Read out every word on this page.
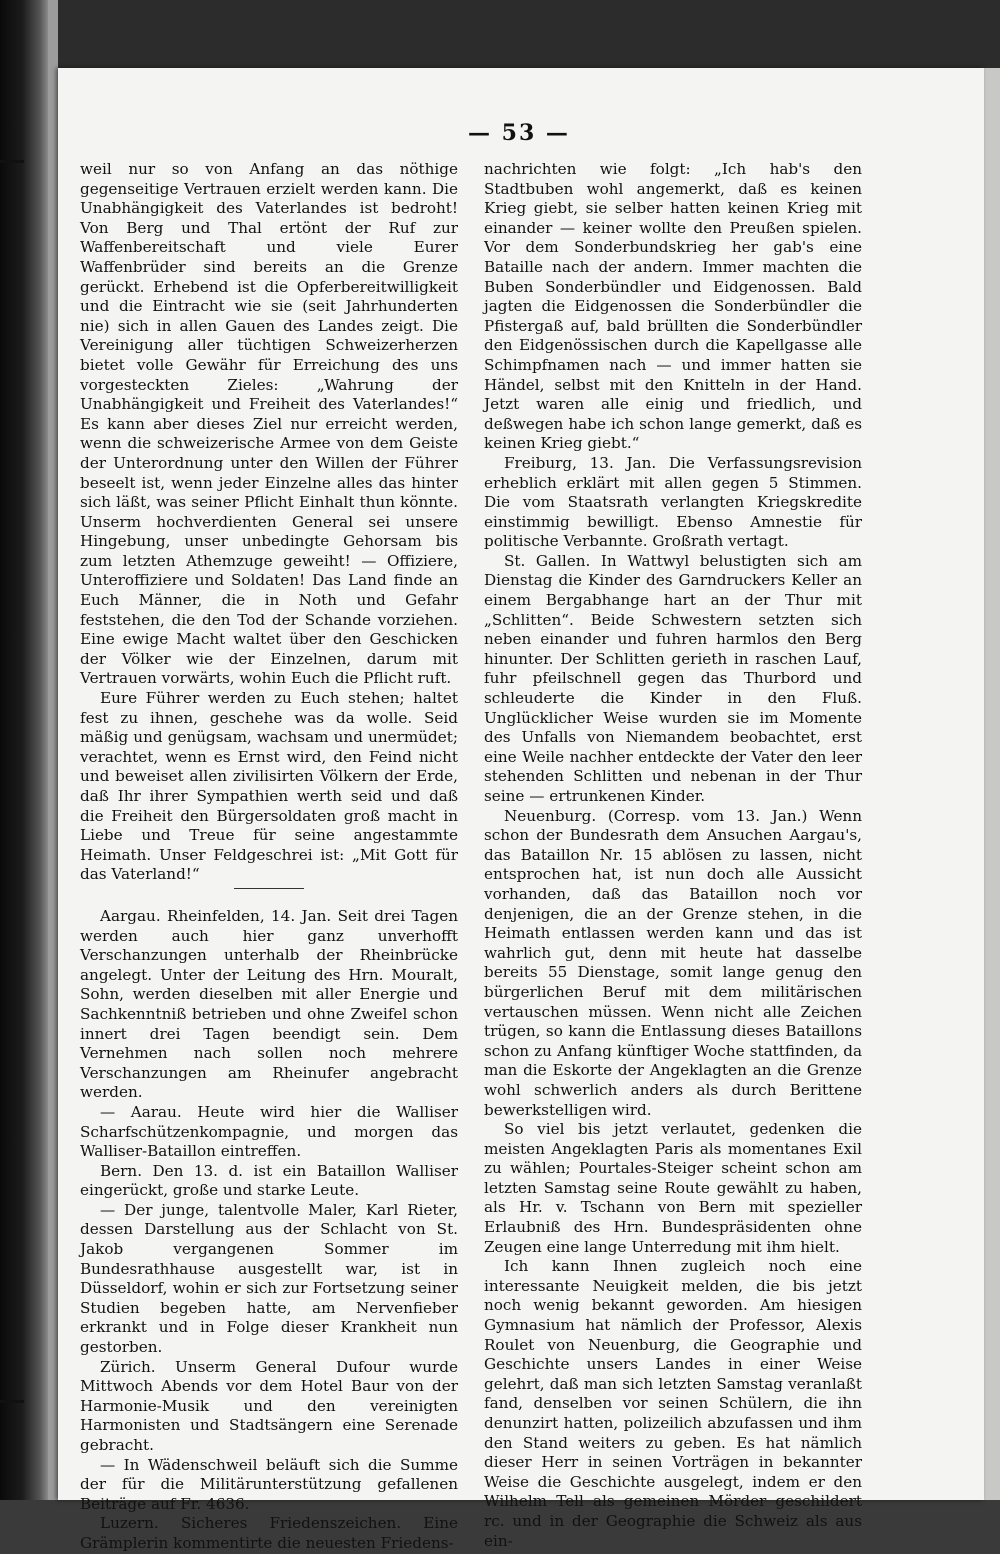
— 53 —

weil nur so von Anfang an das nöthige gegenseitige Vertrauen erzielt werden kann. Die Unabhängigkeit des Vaterlandes ist bedroht! Von Berg und Thal ertönt der Ruf zur Waffenbereitschaft und viele Eurer Waffenbrüder sind bereits an die Grenze gerückt. Erhebend ist die Opferbereitwilligkeit und die Eintracht wie sie (seit Jahrhunderten nie) sich in allen Gauen des Landes zeigt. Die Vereinigung aller tüchtigen Schweizerherzen bietet volle Gewähr für Erreichung des uns vorgesteckten Zieles: „Wahrung der Unabhängigkeit und Freiheit des Vaterlandes!“ Es kann aber dieses Ziel nur erreicht werden, wenn die schweizerische Armee von dem Geiste der Unterordnung unter den Willen der Führer beseelt ist, wenn jeder Einzelne alles das hinter sich läßt, was seiner Pflicht Einhalt thun könnte. Unserm hochverdienten General sei unsere Hingebung, unser unbedingte Gehorsam bis zum letzten Athemzuge geweiht! — Offiziere, Unteroffiziere und Soldaten! Das Land finde an Euch Männer, die in Noth und Gefahr feststehen, die den Tod der Schande vorziehen. Eine ewige Macht waltet über den Geschicken der Völker wie der Einzelnen, darum mit Vertrauen vorwärts, wohin Euch die Pflicht ruft.

Eure Führer werden zu Euch stehen; haltet fest zu ihnen, geschehe was da wolle. Seid mäßig und genügsam, wachsam und unermüdet; verachtet, wenn es Ernst wird, den Feind nicht und beweiset allen zivilisirten Völkern der Erde, daß Ihr ihrer Sympathien werth seid und daß die Freiheit den Bürgersoldaten groß macht in Liebe und Treue für seine angestammte Heimath. Unser Feldgeschrei ist: „Mit Gott für das Vaterland!“

Aargau. Rheinfelden, 14. Jan. Seit drei Tagen werden auch hier ganz unverhofft Verschanzungen unterhalb der Rheinbrücke angelegt. Unter der Leitung des Hrn. Mouralt, Sohn, werden dieselben mit aller Energie und Sachkenntniß betrieben und ohne Zweifel schon innert drei Tagen beendigt sein. Dem Vernehmen nach sollen noch mehrere Verschanzungen am Rheinufer angebracht werden.

— Aarau. Heute wird hier die Walliser Scharfschützenkompagnie, und morgen das Walliser-Bataillon eintreffen.

Bern. Den 13. d. ist ein Bataillon Walliser eingerückt, große und starke Leute.

— Der junge, talentvolle Maler, Karl Rieter, dessen Darstellung aus der Schlacht von St. Jakob vergangenen Sommer im Bundesrathhause ausgestellt war, ist in Düsseldorf, wohin er sich zur Fortsetzung seiner Studien begeben hatte, am Nervenfieber erkrankt und in Folge dieser Krankheit nun gestorben.

Zürich. Unserm General Dufour wurde Mittwoch Abends vor dem Hotel Baur von der Harmonie-Musik und den vereinigten Harmonisten und Stadtsängern eine Serenade gebracht.

— In Wädenschweil beläuft sich die Summe der für die Militärunterstützung gefallenen Beiträge auf Fr. 4636.

Luzern. Sicheres Friedenszeichen. Eine Grämplerin kommentirte die neuesten Friedens-

nachrichten wie folgt: „Ich hab's den Stadtbuben wohl angemerkt, daß es keinen Krieg giebt, sie selber hatten keinen Krieg mit einander — keiner wollte den Preußen spielen. Vor dem Sonderbundskrieg her gab's eine Bataille nach der andern. Immer machten die Buben Sonderbündler und Eidgenossen. Bald jagten die Eidgenossen die Sonderbündler die Pfistergaß auf, bald brüllten die Sonderbündler den Eidgenössischen durch die Kapellgasse alle Schimpfnamen nach — und immer hatten sie Händel, selbst mit den Knitteln in der Hand. Jetzt waren alle einig und friedlich, und deßwegen habe ich schon lange gemerkt, daß es keinen Krieg giebt.“

Freiburg, 13. Jan. Die Verfassungsrevision erheblich erklärt mit allen gegen 5 Stimmen. Die vom Staatsrath verlangten Kriegskredite einstimmig bewilligt. Ebenso Amnestie für politische Verbannte. Großrath vertagt.

St. Gallen. In Wattwyl belustigten sich am Dienstag die Kinder des Garndruckers Keller an einem Bergabhange hart an der Thur mit „Schlitten“. Beide Schwestern setzten sich neben einander und fuhren harmlos den Berg hinunter. Der Schlitten gerieth in raschen Lauf, fuhr pfeilschnell gegen das Thurbord und schleuderte die Kinder in den Fluß. Unglücklicher Weise wurden sie im Momente des Unfalls von Niemandem beobachtet, erst eine Weile nachher entdeckte der Vater den leer stehenden Schlitten und nebenan in der Thur seine — ertrunkenen Kinder.

Neuenburg. (Corresp. vom 13. Jan.) Wenn schon der Bundesrath dem Ansuchen Aargau's, das Bataillon Nr. 15 ablösen zu lassen, nicht entsprochen hat, ist nun doch alle Aussicht vorhanden, daß das Bataillon noch vor denjenigen, die an der Grenze stehen, in die Heimath entlassen werden kann und das ist wahrlich gut, denn mit heute hat dasselbe bereits 55 Dienstage, somit lange genug den bürgerlichen Beruf mit dem militärischen vertauschen müssen. Wenn nicht alle Zeichen trügen, so kann die Entlassung dieses Bataillons schon zu Anfang künftiger Woche stattfinden, da man die Eskorte der Angeklagten an die Grenze wohl schwerlich anders als durch Berittene bewerkstelligen wird.

So viel bis jetzt verlautet, gedenken die meisten Angeklagten Paris als momentanes Exil zu wählen; Pourtales-Steiger scheint schon am letzten Samstag seine Route gewählt zu haben, als Hr. v. Tschann von Bern mit spezieller Erlaubniß des Hrn. Bundespräsidenten ohne Zeugen eine lange Unterredung mit ihm hielt.

Ich kann Ihnen zugleich noch eine interessante Neuigkeit melden, die bis jetzt noch wenig bekannt geworden. Am hiesigen Gymnasium hat nämlich der Professor, Alexis Roulet von Neuenburg, die Geographie und Geschichte unsers Landes in einer Weise gelehrt, daß man sich letzten Samstag veranlaßt fand, denselben vor seinen Schülern, die ihn denunzirt hatten, polizeilich abzufassen und ihm den Stand weiters zu geben. Es hat nämlich dieser Herr in seinen Vorträgen in bekannter Weise die Geschichte ausgelegt, indem er den Wilhelm Tell als gemeinen Mörder geschildert rc. und in der Geographie die Schweiz als aus ein-
